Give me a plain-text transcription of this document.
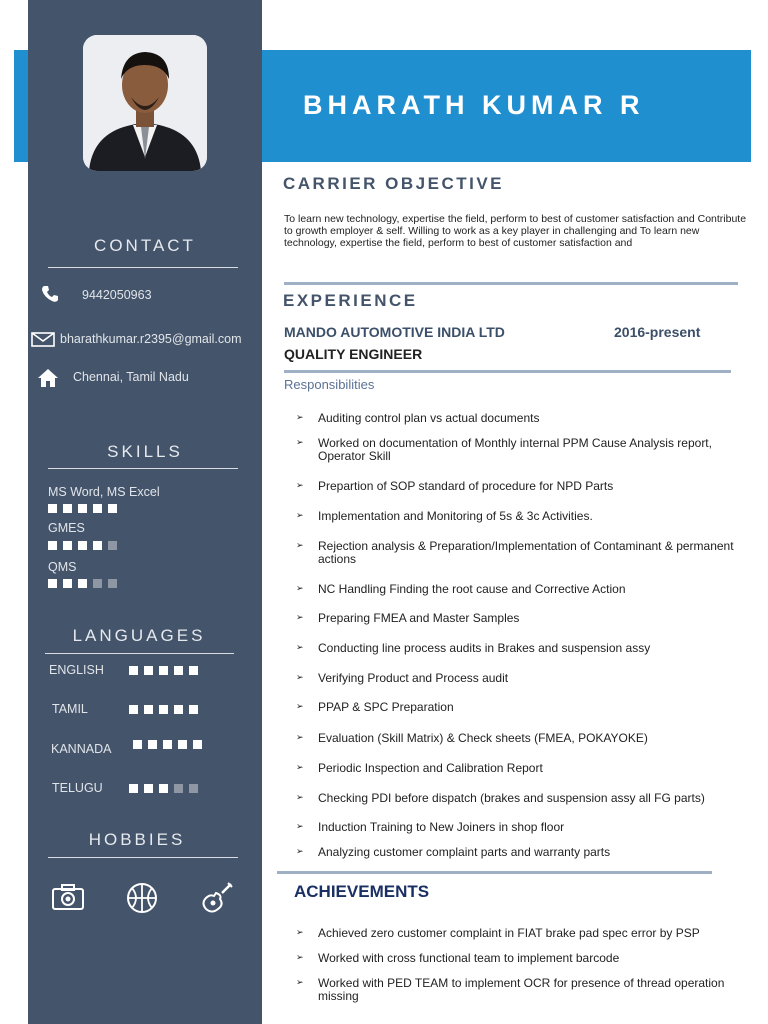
BHARATH KUMAR R
CONTACT
9442050963
bharathkumar.r2395@gmail.com
Chennai, Tamil Nadu
SKILLS
MS Word, MS Excel
GMES
QMS
LANGUAGES
ENGLISH
TAMIL
KANNADA
TELUGU
HOBBIES
CARRIER OBJECTIVE
To learn new technology, expertise the field, perform to best of customer satisfaction and Contribute to growth employer & self. Willing to work as a key player in challenging and To learn new technology, expertise the field, perform to best of customer satisfaction and
EXPERIENCE
MANDO AUTOMOTIVE INDIA LTD	2016-present
QUALITY ENGINEER
Responsibilities
➢ Auditing control plan vs actual documents
➢ Worked on documentation of Monthly internal PPM Cause Analysis report, Operator Skill
➢ Prepartion of SOP standard of procedure for NPD Parts
➢ Implementation and Monitoring of 5s & 3c Activities.
➢ Rejection analysis & Preparation/Implementation of Contaminant & permanent actions
➢ NC Handling Finding the root cause and Corrective Action
➢ Preparing FMEA and Master Samples
➢ Conducting line process audits in Brakes and suspension assy
➢ Verifying Product and Process audit
➢ PPAP & SPC Preparation
➢ Evaluation (Skill Matrix) & Check sheets (FMEA, POKAYOKE)
➢ Periodic Inspection and Calibration Report
➢ Checking PDI before dispatch (brakes and suspension assy all FG parts)
➢ Induction Training to New Joiners in shop floor
➢ Analyzing customer complaint parts and warranty parts
ACHIEVEMENTS
➢ Achieved zero customer complaint in FIAT brake pad spec error by PSP
➢ Worked with cross functional team to implement barcode
➢ Worked with PED TEAM to implement OCR for presence of thread operation missing
